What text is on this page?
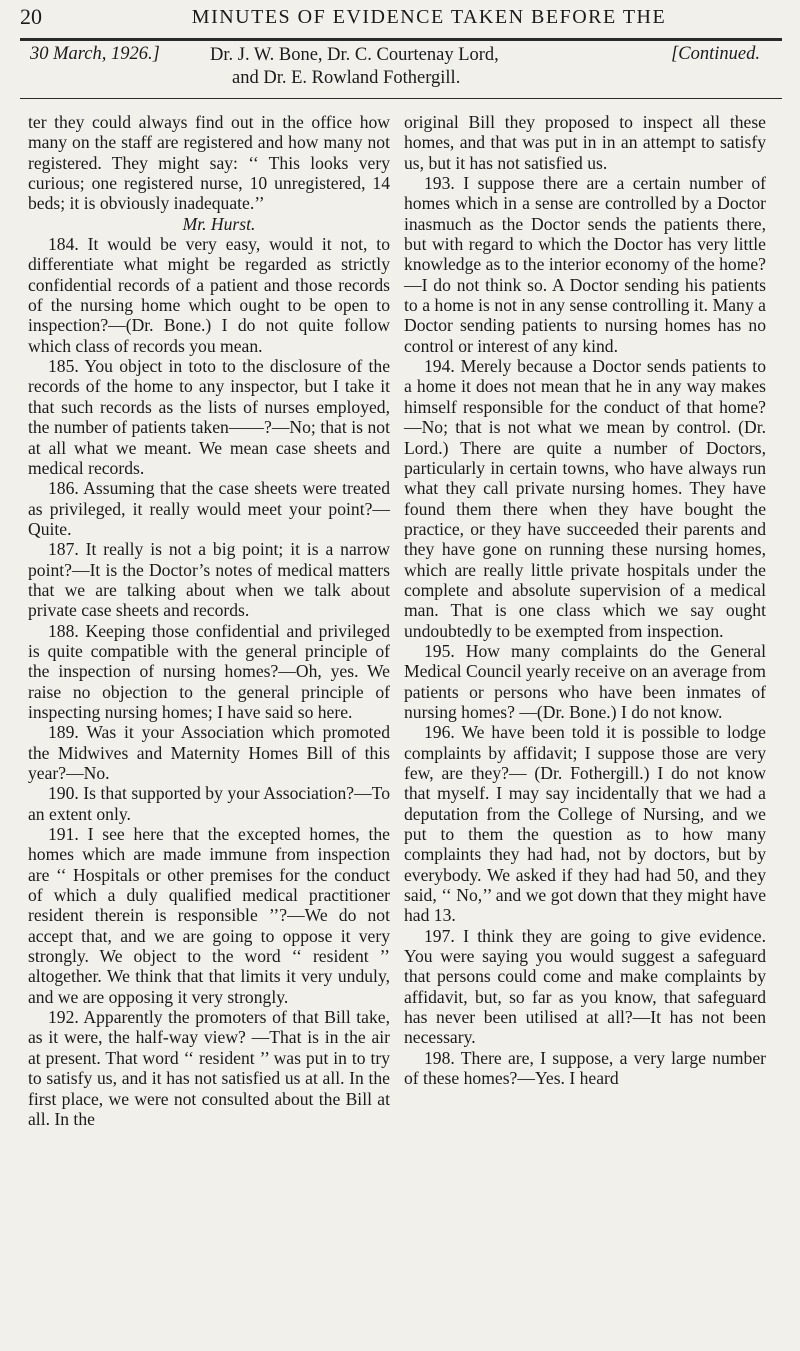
20	MINUTES OF EVIDENCE TAKEN BEFORE THE
30 March, 1926.]	Dr. J. W. Bone, Dr. C. Courtenay Lord,
and Dr. E. Rowland Fothergill.
[Continued.

ter they could always find out in the office how many on the staff are registered and how many not registered. They might say: ‘‘ This looks very curious; one registered nurse, 10 unregistered, 14 beds; it is obviously inadequate.’’

Mr. Hurst.

184. It would be very easy, would it not, to differentiate what might be regarded as strictly confidential records of a patient and those records of the nursing home which ought to be open to inspection?—(Dr. Bone.) I do not quite follow which class of records you mean.

185. You object in toto to the disclosure of the records of the home to any inspector, but I take it that such records as the lists of nurses employed, the number of patients taken——?—No; that is not at all what we meant. We mean case sheets and medical records.

186. Assuming that the case sheets were treated as privileged, it really would meet your point?—Quite.

187. It really is not a big point; it is a narrow point?—It is the Doctor’s notes of medical matters that we are talking about when we talk about private case sheets and records.

188. Keeping those confidential and privileged is quite compatible with the general principle of the inspection of nursing homes?—Oh, yes. We raise no objection to the general principle of inspecting nursing homes; I have said so here.

189. Was it your Association which promoted the Midwives and Maternity Homes Bill of this year?—No.

190. Is that supported by your Association?—To an extent only.

191. I see here that the excepted homes, the homes which are made immune from inspection are ‘‘ Hospitals or other premises for the conduct of which a duly qualified medical practitioner resident therein is responsible ’’?—We do not accept that, and we are going to oppose it very strongly. We object to the word ‘‘ resident ’’ altogether. We think that that limits it very unduly, and we are opposing it very strongly.

192. Apparently the promoters of that Bill take, as it were, the half-way view? —That is in the air at present. That word ‘‘ resident ’’ was put in to try to satisfy us, and it has not satisfied us at all. In the first place, we were not consulted about the Bill at all. In the

original Bill they proposed to inspect all these homes, and that was put in in an attempt to satisfy us, but it has not satisfied us.

193. I suppose there are a certain number of homes which in a sense are controlled by a Doctor inasmuch as the Doctor sends the patients there, but with regard to which the Doctor has very little knowledge as to the interior economy of the home?—I do not think so. A Doctor sending his patients to a home is not in any sense controlling it. Many a Doctor sending patients to nursing homes has no control or interest of any kind.

194. Merely because a Doctor sends patients to a home it does not mean that he in any way makes himself responsible for the conduct of that home?—No; that is not what we mean by control. (Dr. Lord.) There are quite a number of Doctors, particularly in certain towns, who have always run what they call private nursing homes. They have found them there when they have bought the practice, or they have succeeded their parents and they have gone on running these nursing homes, which are really little private hospitals under the complete and absolute supervision of a medical man. That is one class which we say ought undoubtedly to be exempted from inspection.

195. How many complaints do the General Medical Council yearly receive on an average from patients or persons who have been inmates of nursing homes? —(Dr. Bone.) I do not know.

196. We have been told it is possible to lodge complaints by affidavit; I suppose those are very few, are they?— (Dr. Fothergill.) I do not know that myself. I may say incidentally that we had a deputation from the College of Nursing, and we put to them the question as to how many complaints they had had, not by doctors, but by everybody. We asked if they had had 50, and they said, ‘‘ No,’’ and we got down that they might have had 13.

197. I think they are going to give evidence. You were saying you would suggest a safeguard that persons could come and make complaints by affidavit, but, so far as you know, that safeguard has never been utilised at all?—It has not been necessary.

198. There are, I suppose, a very large number of these homes?—Yes. I heard
